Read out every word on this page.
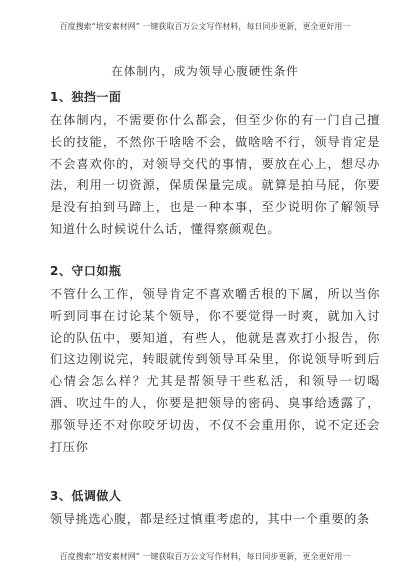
百度搜索“培安素材网” 一键获取百万公文写作材料，每日同步更新，更全更好用一
在体制内，成为领导心腹硬性条件
1、独挡一面
在体制内，不需要你什么都会，但至少你的有一门自己擅长的技能，不然你干啥啥不会，做啥啥不行，领导肯定是不会喜欢你的，对领导交代的事情，要放在心上，想尽办法，利用一切资源，保质保量完成。就算是拍马屁，你要是没有拍到马蹄上，也是一种本事，至少说明你了解领导知道什么时候说什么话，懂得察颜观色。
2、守口如瓶
不管什么工作，领导肯定不喜欢嚼舌根的下属，所以当你听到同事在讨论某个领导，你不要觉得一时爽，就加入讨论的队伍中，要知道，有些人，他就是喜欢打小报告，你们这边刚说完，转眼就传到领导耳朵里，你说领导听到后心情会怎么样？尤其是帮领导干些私活，和领导一切喝酒、吹过牛的人，你要是把领导的密码、臭事给透露了，那领导还不对你咬牙切齿，不仅不会重用你，说不定还会打压你
3、低调做人
领导挑选心腹，都是经过慎重考虑的，其中一个重要的条
百度搜索“培安素材网” 一键获取百万公文写作材料，每日同步更新，更全更好用一
